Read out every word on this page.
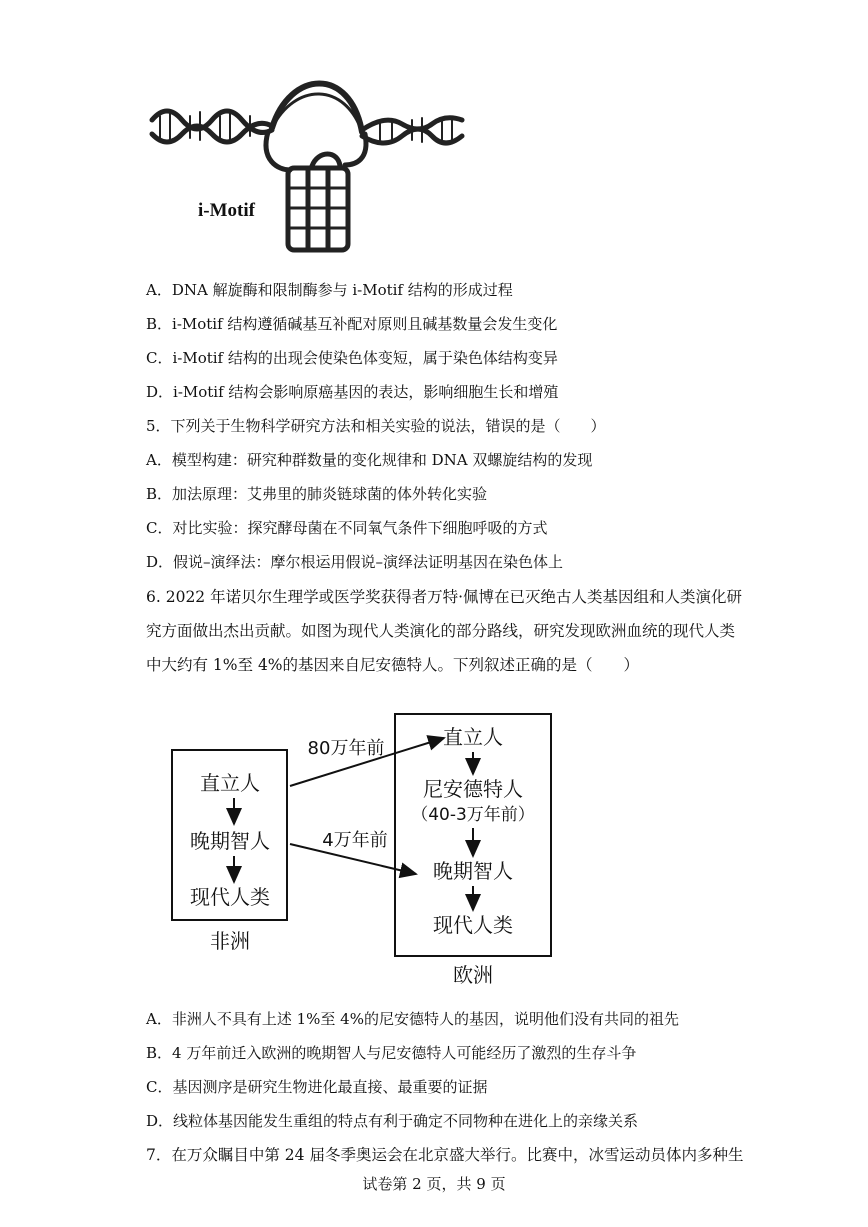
i-Motif
A．DNA 解旋酶和限制酶参与 i-Motif 结构的形成过程
B．i-Motif 结构遵循碱基互补配对原则且碱基数量会发生变化
C．i-Motif 结构的出现会使染色体变短，属于染色体结构变异
D．i-Motif 结构会影响原癌基因的表达，影响细胞生长和增殖
5．下列关于生物科学研究方法和相关实验的说法，错误的是（　　）
A．模型构建：研究种群数量的变化规律和 DNA 双螺旋结构的发现
B．加法原理：艾弗里的肺炎链球菌的体外转化实验
C．对比实验：探究酵母菌在不同氧气条件下细胞呼吸的方式
D．假说–演绎法：摩尔根运用假说–演绎法证明基因在染色体上
6. 2022 年诺贝尔生理学或医学奖获得者万特·佩博在已灭绝古人类基因组和人类演化研
究方面做出杰出贡献。如图为现代人类演化的部分路线，研究发现欧洲血统的现代人类
中大约有 1%至 4%的基因来自尼安德特人。下列叙述正确的是（　　）
直立人
晚期智人
现代人类
非洲
直立人
尼安德特人
（40-3万年前）
晚期智人
现代人类
欧洲
80万年前
4万年前
A．非洲人不具有上述 1%至 4%的尼安德特人的基因，说明他们没有共同的祖先
B．4 万年前迁入欧洲的晚期智人与尼安德特人可能经历了激烈的生存斗争
C．基因测序是研究生物进化最直接、最重要的证据
D．线粒体基因能发生重组的特点有利于确定不同物种在进化上的亲缘关系
7．在万众瞩目中第 24 届冬季奥运会在北京盛大举行。比赛中，冰雪运动员体内多种生
试卷第 2 页，共 9 页
